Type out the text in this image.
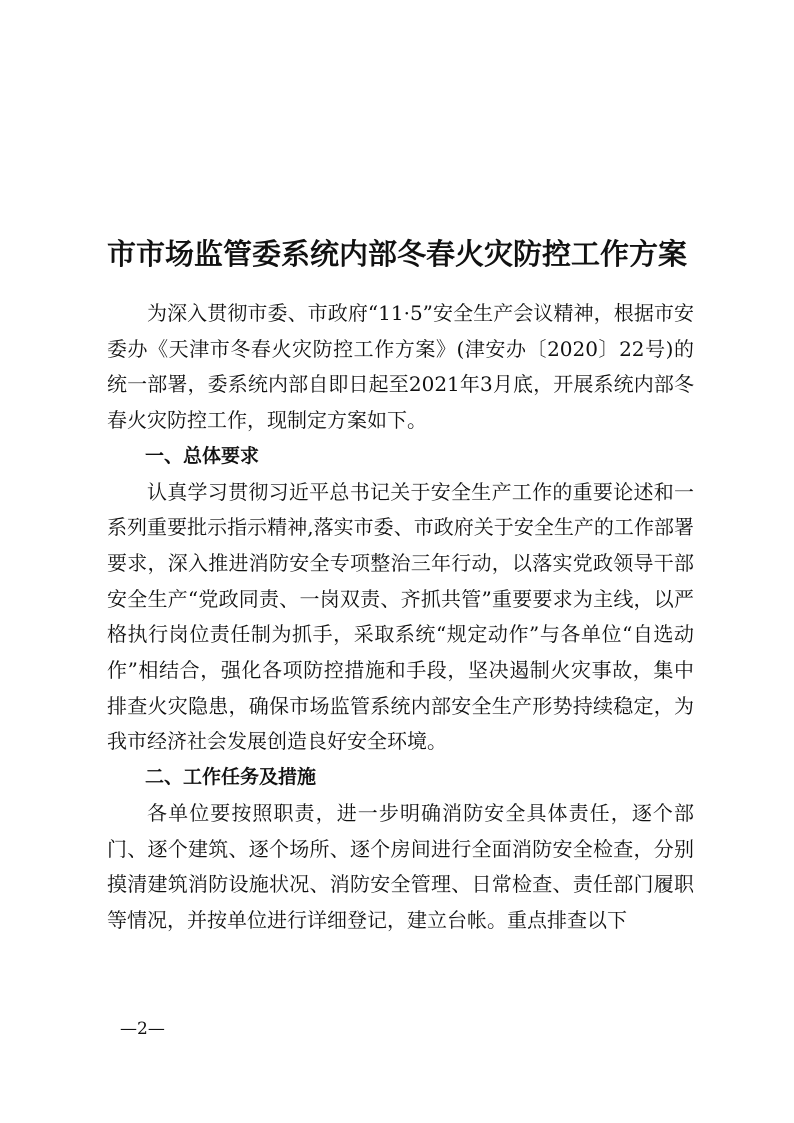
市市场监管委系统内部冬春火灾防控工作方案

为深入贯彻市委、市政府“11·5”安全生产会议精神，根据市安委办《天津市冬春火灾防控工作方案》(津安办〔2020〕22号)的统一部署，委系统内部自即日起至2021年3月底，开展系统内部冬春火灾防控工作，现制定方案如下。

一、总体要求

认真学习贯彻习近平总书记关于安全生产工作的重要论述和一系列重要批示指示精神,落实市委、市政府关于安全生产的工作部署要求，深入推进消防安全专项整治三年行动，以落实党政领导干部安全生产“党政同责、一岗双责、齐抓共管”重要要求为主线，以严格执行岗位责任制为抓手，采取系统“规定动作”与各单位“自选动作”相结合，强化各项防控措施和手段，坚决遏制火灾事故，集中排查火灾隐患，确保市场监管系统内部安全生产形势持续稳定，为我市经济社会发展创造良好安全环境。

二、工作任务及措施

各单位要按照职责，进一步明确消防安全具体责任，逐个部门、逐个建筑、逐个场所、逐个房间进行全面消防安全检查，分别摸清建筑消防设施状况、消防安全管理、日常检查、责任部门履职等情况，并按单位进行详细登记，建立台帐。重点排查以下

—2—
